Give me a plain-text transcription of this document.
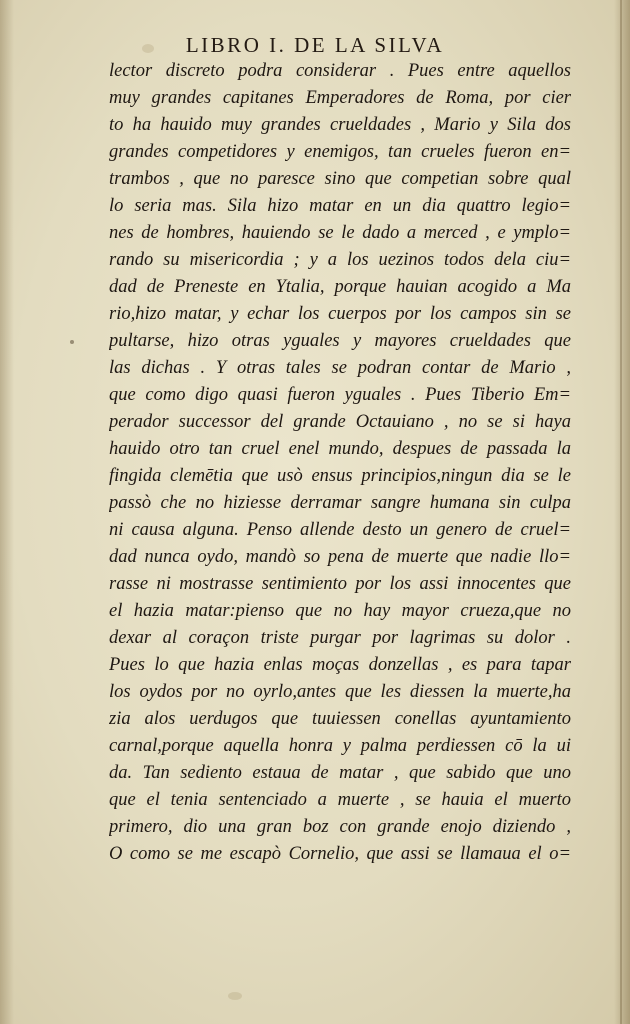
LIBRO I. DE LA SILVA
lector discreto podra considerar . Pues entre aquellos
muy grandes capitanes Emperadores de Roma, por cier
to ha hauido muy grandes crueldades , Mario y Sila dos
grandes competidores y enemigos, tan crueles fueron en=
trambos , que no paresce sino que competian sobre qual
lo seria mas. Sila hizo matar en un dia quattro legio=
nes de hombres, hauiendo se le dado a merced , e ymplo=
rando su misericordia ; y a los uezinos todos dela ciu=
dad de Preneste en Ytalia, porque hauian acogido a Ma
rio,hizo matar, y echar los cuerpos por los campos sin se
pultarse, hizo otras yguales y mayores crueldades que
las dichas . Y otras tales se podran contar de Mario ,
que como digo quasi fueron yguales . Pues Tiberio Em=
perador successor del grande Octauiano , no se si haya
hauido otro tan cruel enel mundo, despues de passada la
fingida clemētia que usò ensus principios,ningun dia se le
passò che no hiziesse derramar sangre humana sin culpa
ni causa alguna. Penso allende desto un genero de cruel=
dad nunca oydo, mandò so pena de muerte que nadie llo=
rasse ni mostrasse sentimiento por los assi innocentes que
el hazia matar:pienso que no hay mayor crueza,que no
dexar al coraçon triste purgar por lagrimas su dolor .
Pues lo que hazia enlas moças donzellas , es para tapar
los oydos por no oyrlo,antes que les diessen la muerte,ha
zia alos uerdugos que tuuiessen conellas ayuntamiento
carnal,porque aquella honra y palma perdiessen cō la ui
da. Tan sediento estaua de matar , que sabido que uno
que el tenia sentenciado a muerte , se hauia el muerto
primero, dio una gran boz con grande enojo diziendo ,
O como se me escapò Cornelio, que assi se llamaua el o=
